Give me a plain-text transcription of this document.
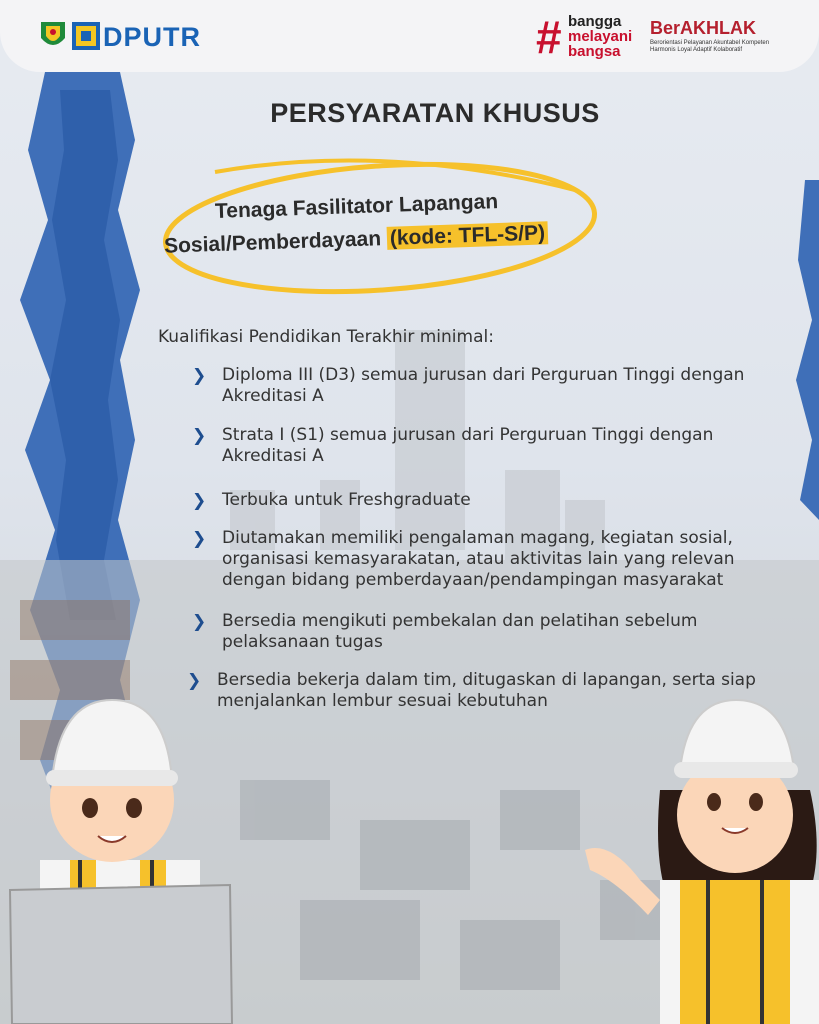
DPUTR	# bangga
melayani
bangsa
BerAKHLAK
Berorientasi Pelayanan Akuntabel Kompeten Harmonis Loyal Adaptif Kolaboratif
PERSYARATAN KHUSUS
Tenaga Fasilitator Lapangan
Sosial/Pemberdayaan (kode: TFL-S/P)
Kualifikasi Pendidikan Terakhir minimal:
❯ Diploma III (D3) semua jurusan dari Perguruan Tinggi dengan Akreditasi A
❯ Strata I (S1) semua jurusan dari Perguruan Tinggi dengan Akreditasi A
❯ Terbuka untuk Freshgraduate
❯ Diutamakan memiliki pengalaman magang, kegiatan sosial, organisasi kemasyarakatan, atau aktivitas lain yang relevan dengan bidang pemberdayaan/pendampingan masyarakat
❯ Bersedia mengikuti pembekalan dan pelatihan sebelum pelaksanaan tugas
❯ Bersedia bekerja dalam tim, ditugaskan di lapangan, serta siap menjalankan lembur sesuai kebutuhan
